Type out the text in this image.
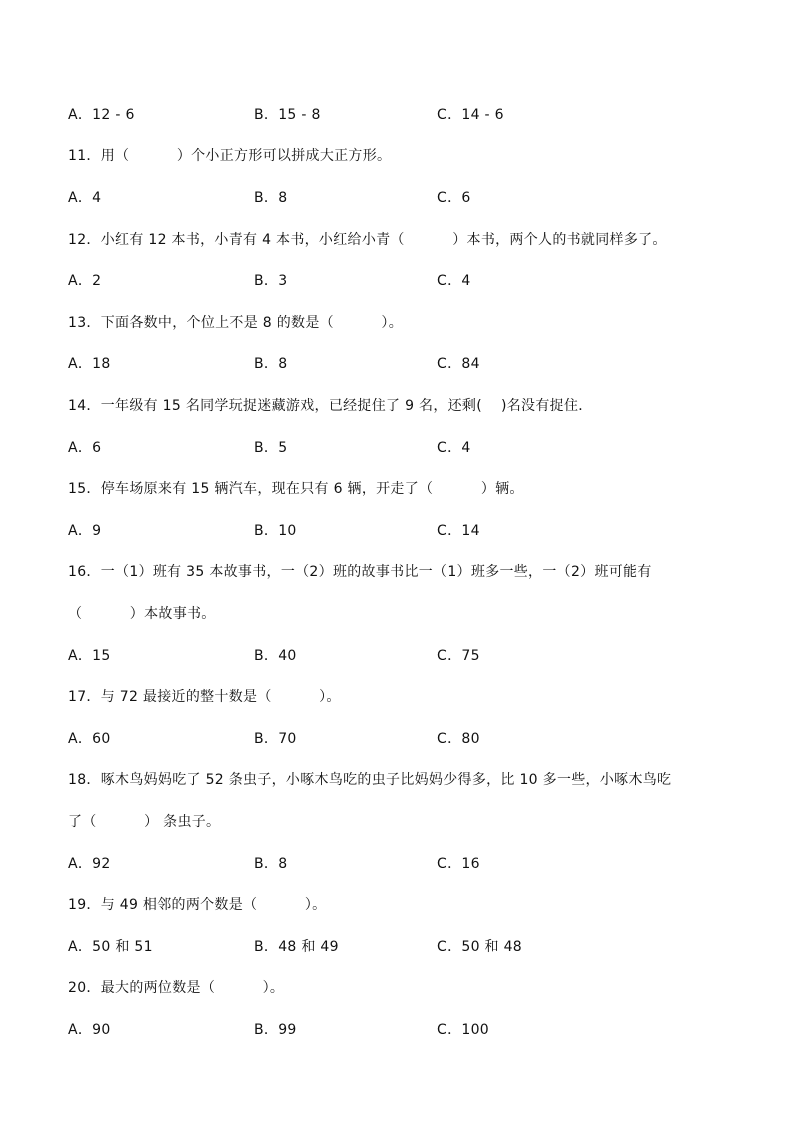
A．12 - 6	B．15 - 8	C．14 - 6
11．用（          ）个小正方形可以拼成大正方形。
A．4	B．8	C．6
12．小红有 12 本书，小青有 4 本书，小红给小青（          ）本书，两个人的书就同样多了。
A．2	B．3	C．4
13．下面各数中，个位上不是 8 的数是（          ）。
A．18	B．8	C．84
14．一年级有 15 名同学玩捉迷藏游戏，已经捉住了 9 名，还剩(    )名没有捉住．
A．6	B．5	C．4
15．停车场原来有 15 辆汽车，现在只有 6 辆，开走了（          ）辆。
A．9	B．10	C．14
16．一（1）班有 35 本故事书，一（2）班的故事书比一（1）班多一些，一（2）班可能有
（          ）本故事书。
A．15	B．40	C．75
17．与 72 最接近的整十数是（          ）。
A．60	B．70	C．80
18．啄木鸟妈妈吃了 52 条虫子，小啄木鸟吃的虫子比妈妈少得多，比 10 多一些，小啄木鸟吃
了（          ） 条虫子。
A．92	B．8	C．16
19．与 49 相邻的两个数是（          ）。
A．50 和 51	B．48 和 49	C．50 和 48
20．最大的两位数是（          ）。
A．90	B．99	C．100
